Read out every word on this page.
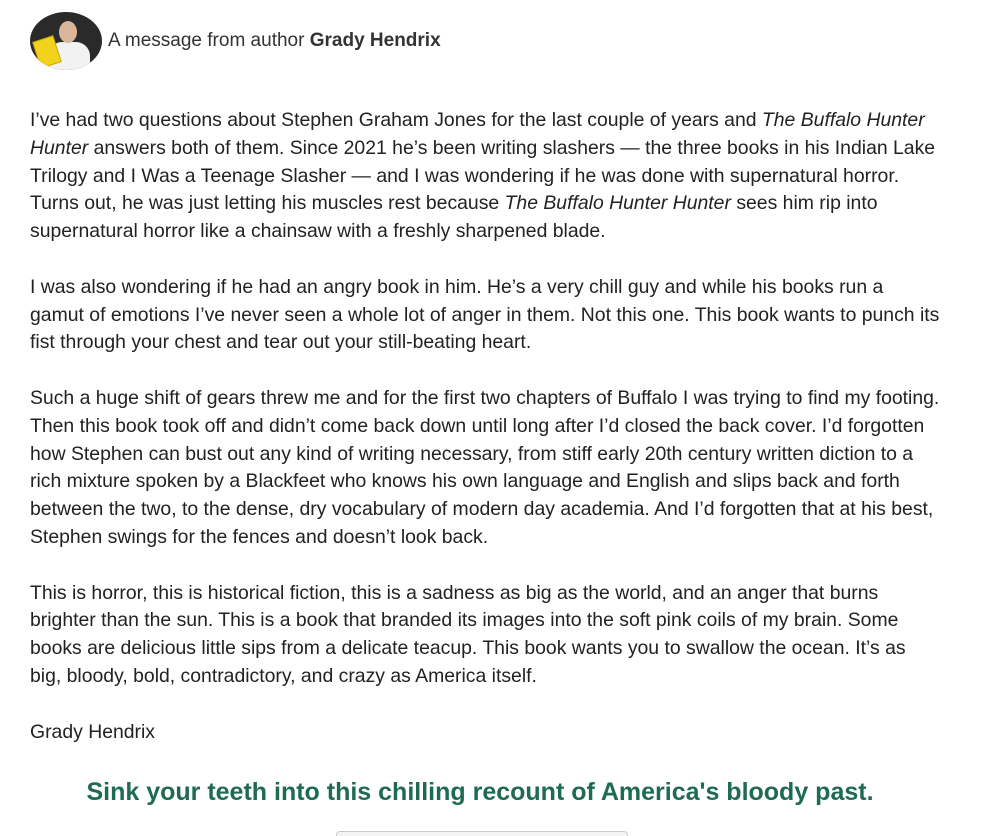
A message from author Grady Hendrix

I’ve had two questions about Stephen Graham Jones for the last couple of years and The Buffalo Hunter Hunter answers both of them. Since 2021 he’s been writing slashers — the three books in his Indian Lake Trilogy and I Was a Teenage Slasher — and I was wondering if he was done with supernatural horror. Turns out, he was just letting his muscles rest because The Buffalo Hunter Hunter sees him rip into supernatural horror like a chainsaw with a freshly sharpened blade.

I was also wondering if he had an angry book in him. He’s a very chill guy and while his books run a gamut of emotions I’ve never seen a whole lot of anger in them. Not this one. This book wants to punch its fist through your chest and tear out your still-beating heart.

Such a huge shift of gears threw me and for the first two chapters of Buffalo I was trying to find my footing. Then this book took off and didn’t come back down until long after I’d closed the back cover. I’d forgotten how Stephen can bust out any kind of writing necessary, from stiff early 20th century written diction to a rich mixture spoken by a Blackfeet who knows his own language and English and slips back and forth between the two, to the dense, dry vocabulary of modern day academia. And I’d forgotten that at his best, Stephen swings for the fences and doesn’t look back.

This is horror, this is historical fiction, this is a sadness as big as the world, and an anger that burns brighter than the sun. This is a book that branded its images into the soft pink coils of my brain. Some books are delicious little sips from a delicate teacup. This book wants you to swallow the ocean. It’s as big, bloody, bold, contradictory, and crazy as America itself.

Grady Hendrix

Sink your teeth into this chilling recount of America's bloody past.
